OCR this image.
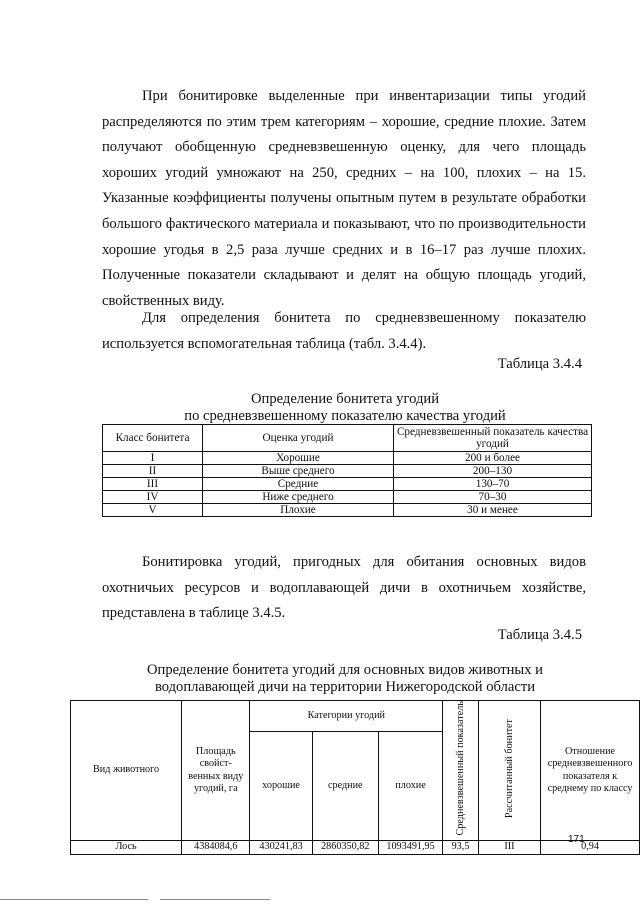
При бонитировке выделенные при инвентаризации типы угодий
распределяются по этим трем категориям – хорошие, средние плохие. Затем
получают обобщенную средневзвешенную оценку, для чего площадь
хороших угодий умножают на 250, средних – на 100, плохих – на 15.
Указанные коэффициенты получены опытным путем в результате обработки
большого фактического материала и показывают, что по производительности
хорошие угодья в 2,5 раза лучше средних и в 16–17 раз лучше плохих.
Полученные показатели складывают и делят на общую площадь угодий,
свойственных виду.
Для определения бонитета по средневзвешенному показателю
используется вспомогательная таблица (табл. 3.4.4).

Таблица 3.4.4

Определение бонитета угодий
по средневзвешенному показателю качества угодий

Класс бонитета	Оценка угодий	Средневзвешенный показатель качества угодий
I	Хорошие	200 и более
II	Выше среднего	200–130
III	Средние	130–70
IV	Ниже среднего	70–30
V	Плохие	30 и менее
Бонитировка угодий, пригодных для обитания основных видов
охотничьих ресурсов и водоплавающей дичи в охотничьем хозяйстве,
представлена в таблице 3.4.5.

Таблица 3.4.5

Определение бонитета угодий для основных видов животных и
водоплавающей дичи на территории Нижегородской области

Вид животного	Площадь свойст-венных виду угодий, га	Категории угодий			Средневзвешенный показатель	Рассчитанный бонитет	Отношение средневзвешенного показателя к среднему по классу
		хорошие	средние	плохие			
Лось	4384084,6	430241,83	2860350,82	1093491,95	93,5	III	0,94
171
